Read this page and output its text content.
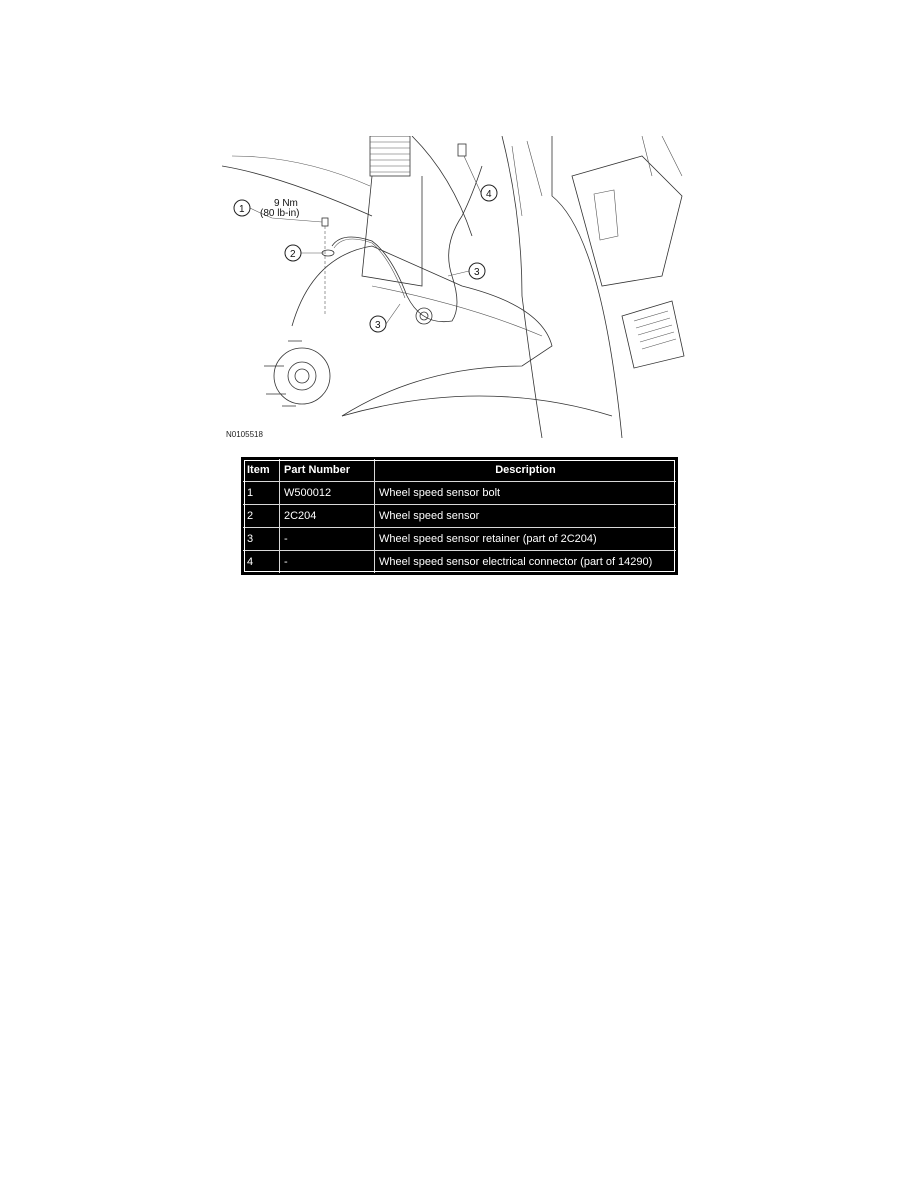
1
9 Nm
(80 lb-in)
2
3
3
4
N0105518
Item	Part Number	Description
1	W500012	Wheel speed sensor bolt
2	2C204	Wheel speed sensor
3	-	Wheel speed sensor retainer (part of 2C204)
4	-	Wheel speed sensor electrical connector (part of 14290)
